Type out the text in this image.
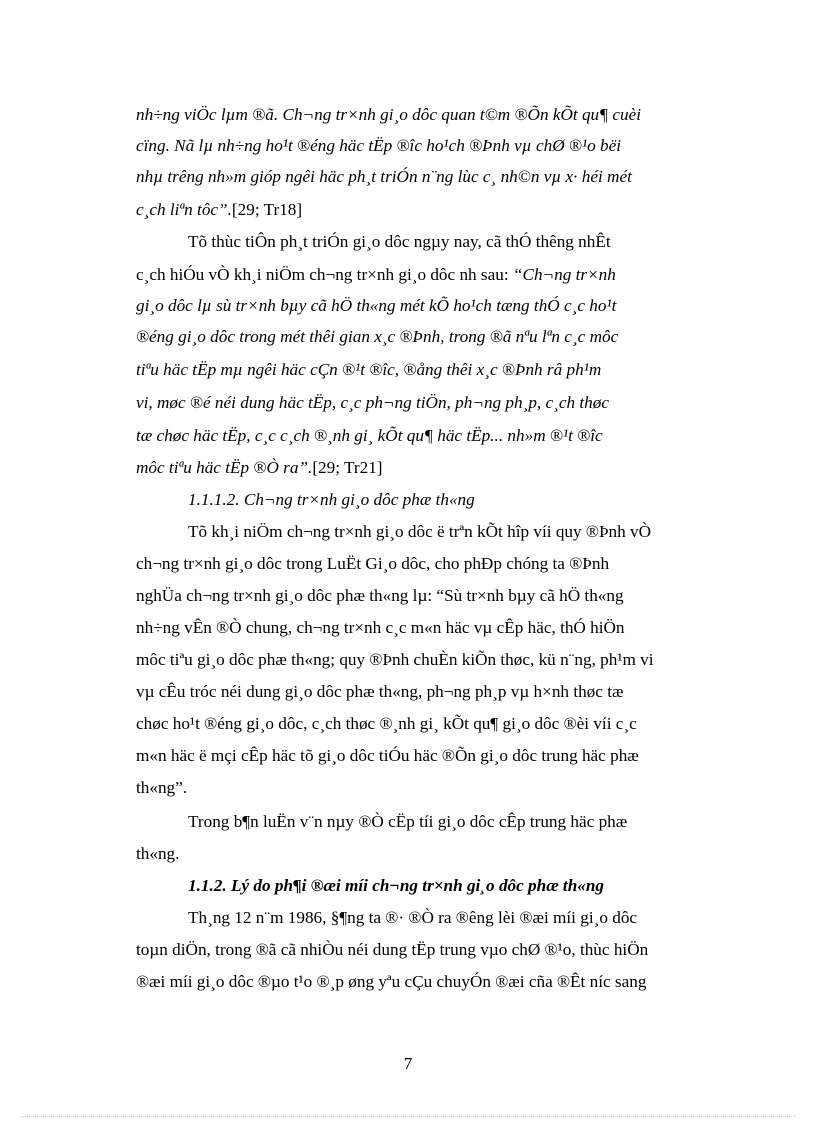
nh÷ng viÖc lµm ®ã. Ch¬ng tr×nh gi¸o dôc quan t©m ®Õn kÕt qu¶ cuèi
cïng. Nã lµ nh÷ng ho¹t ®éng häc tËp ®îc ho¹ch ®Þnh vµ chØ ®¹o bëi
nhµ trêng nh»m gióp ngêi häc ph¸t triÓn n¨ng lùc c¸ nh©n vµ x· héi mét
c¸ch liªn tôc”.[29; Tr18]
Tõ thùc tiÔn ph¸t triÓn gi¸o dôc ngµy nay, cã thÓ thêng nhÊt
c¸ch hiÓu vÒ kh¸i niÖm ch¬ng tr×nh gi¸o dôc nh sau: “Ch¬ng tr×nh
gi¸o dôc lµ sù tr×nh bµy cã hÖ th«ng mét kÕ ho¹ch tæng thÓ c¸c ho¹t
®éng gi¸o dôc trong mét thêi gian x¸c ®Þnh, trong ®ã nªu lªn c¸c môc
tiªu häc tËp mµ ngêi häc cÇn ®¹t ®îc, ®ång thêi x¸c ®Þnh râ ph¹m
vi, møc ®é néi dung häc tËp, c¸c ph¬ng tiÖn, ph¬ng ph¸p, c¸ch thøc
tæ chøc häc tËp, c¸c c¸ch ®¸nh gi¸ kÕt qu¶ häc tËp... nh»m ®¹t ®îc
môc tiªu häc tËp ®Ò ra”.[29; Tr21]
1.1.1.2. Ch¬ng tr×nh gi¸o dôc phæ th«ng
Tõ kh¸i niÖm ch¬ng tr×nh gi¸o dôc ë trªn kÕt hîp víi quy ®Þnh vÒ
ch¬ng tr×nh gi¸o dôc trong LuËt Gi¸o dôc, cho phÐp chóng ta ®Þnh
nghÜa ch¬ng tr×nh gi¸o dôc phæ th«ng lµ: “Sù tr×nh bµy cã hÖ th«ng
nh÷ng vÊn ®Ò chung, ch¬ng tr×nh c¸c m«n häc vµ cÊp häc, thÓ hiÖn
môc tiªu gi¸o dôc phæ th«ng; quy ®Þnh chuÈn kiÕn thøc, kü n¨ng, ph¹m vi
vµ cÊu tróc néi dung gi¸o dôc phæ th«ng, ph¬ng ph¸p vµ h×nh thøc tæ
chøc ho¹t ®éng gi¸o dôc, c¸ch thøc ®¸nh gi¸ kÕt qu¶ gi¸o dôc ®èi víi c¸c
m«n häc ë mçi cÊp häc tõ gi¸o dôc tiÓu häc ®Õn gi¸o dôc trung häc phæ
th«ng”.
Trong b¶n luËn v¨n nµy ®Ò cËp tíi gi¸o dôc cÊp trung häc phæ
th«ng.
1.1.2. Lý do ph¶i ®æi míi ch¬ng tr×nh gi¸o dôc phæ th«ng
Th¸ng 12 n¨m 1986, §¶ng ta ®· ®Ò ra ®êng lèi ®æi míi gi¸o dôc
toµn diÖn, trong ®ã cã nhiÒu néi dung tËp trung vµo chØ ®¹o, thùc hiÖn
®æi míi gi¸o dôc ®µo t¹o ®¸p øng yªu cÇu chuyÓn ®æi cña ®Êt níc sang
7
